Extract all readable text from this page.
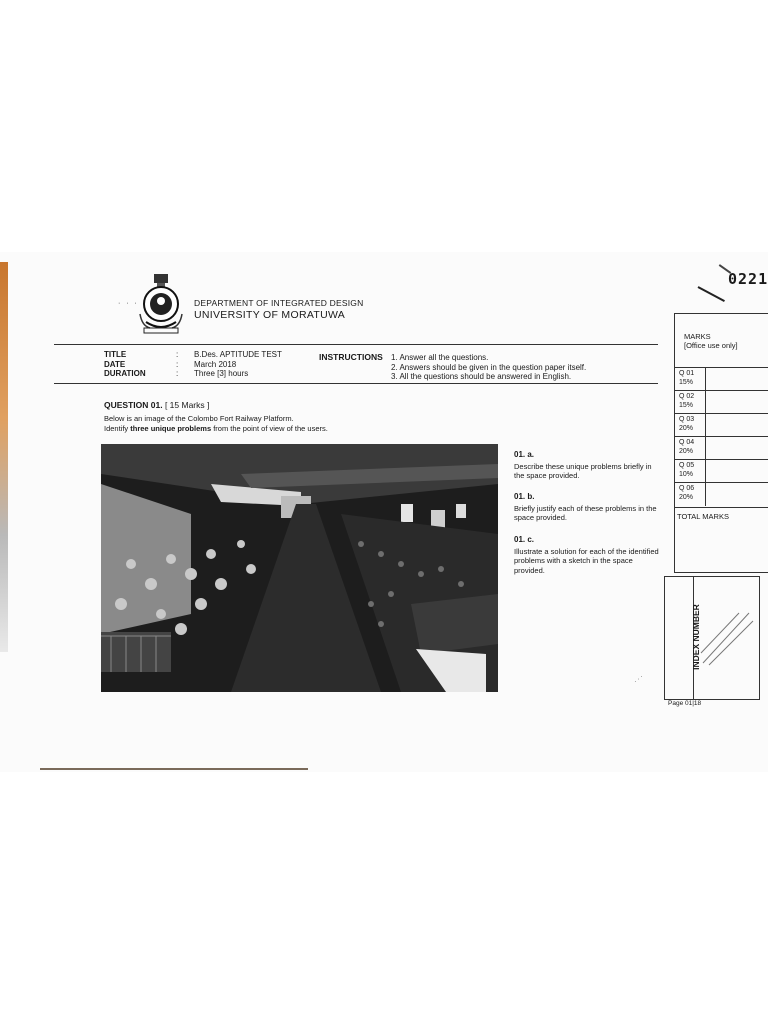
0221
· · ·	DEPARTMENT OF INTEGRATED DESIGN
UNIVERSITY OF MORATUWA
TITLE
DATE
DURATION
:
:
:
B.Des. APTITUDE TEST
March 2018
Three [3] hours
INSTRUCTIONS 1. Answer all the questions.
2. Answers should be given in the question paper itself.
3. All the questions should be answered in English.
QUESTION 01. [ 15 Marks ]
Below is an image of the Colombo Fort Railway Platform.
Identify three unique problems from the point of view of the users.
01. a.
Describe these unique problems briefly in the space provided.
01. b.
Briefly justify each of these problems in the space provided.
01. c.
Illustrate a solution for each of the identified problems with a sketch in the space provided.
MARKS
[Office use only]
Q 01
15%
Q 02
15%
Q 03
20%
Q 04
20%
Q 05
10%
Q 06
20%
TOTAL MARKS
INDEX NUMBER
· · ·
Page 01|18
